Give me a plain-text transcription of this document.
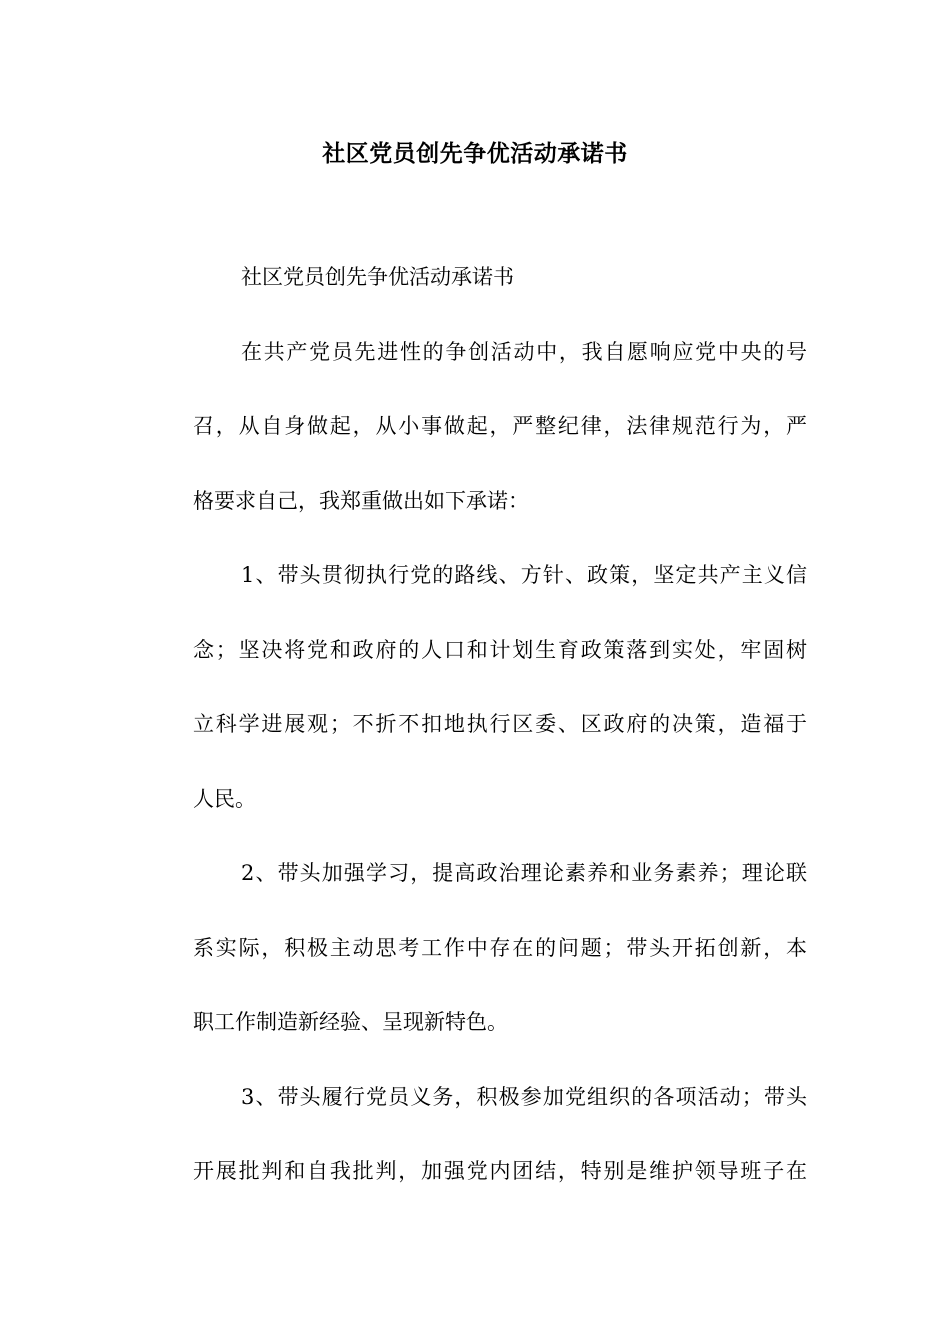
社区党员创先争优活动承诺书
社区党员创先争优活动承诺书
在共产党员先进性的争创活动中，我自愿响应党中央的号
召，从自身做起，从小事做起，严整纪律，法律规范行为，严
格要求自己，我郑重做出如下承诺：
1、带头贯彻执行党的路线、方针、政策，坚定共产主义信
念；坚决将党和政府的人口和计划生育政策落到实处，牢固树
立科学进展观；不折不扣地执行区委、区政府的决策，造福于
人民。
2、带头加强学习，提高政治理论素养和业务素养；理论联
系实际，积极主动思考工作中存在的问题；带头开拓创新，本
职工作制造新经验、呈现新特色。
3、带头履行党员义务，积极参加党组织的各项活动；带头
开展批判和自我批判，加强党内团结，特别是维护领导班子在
